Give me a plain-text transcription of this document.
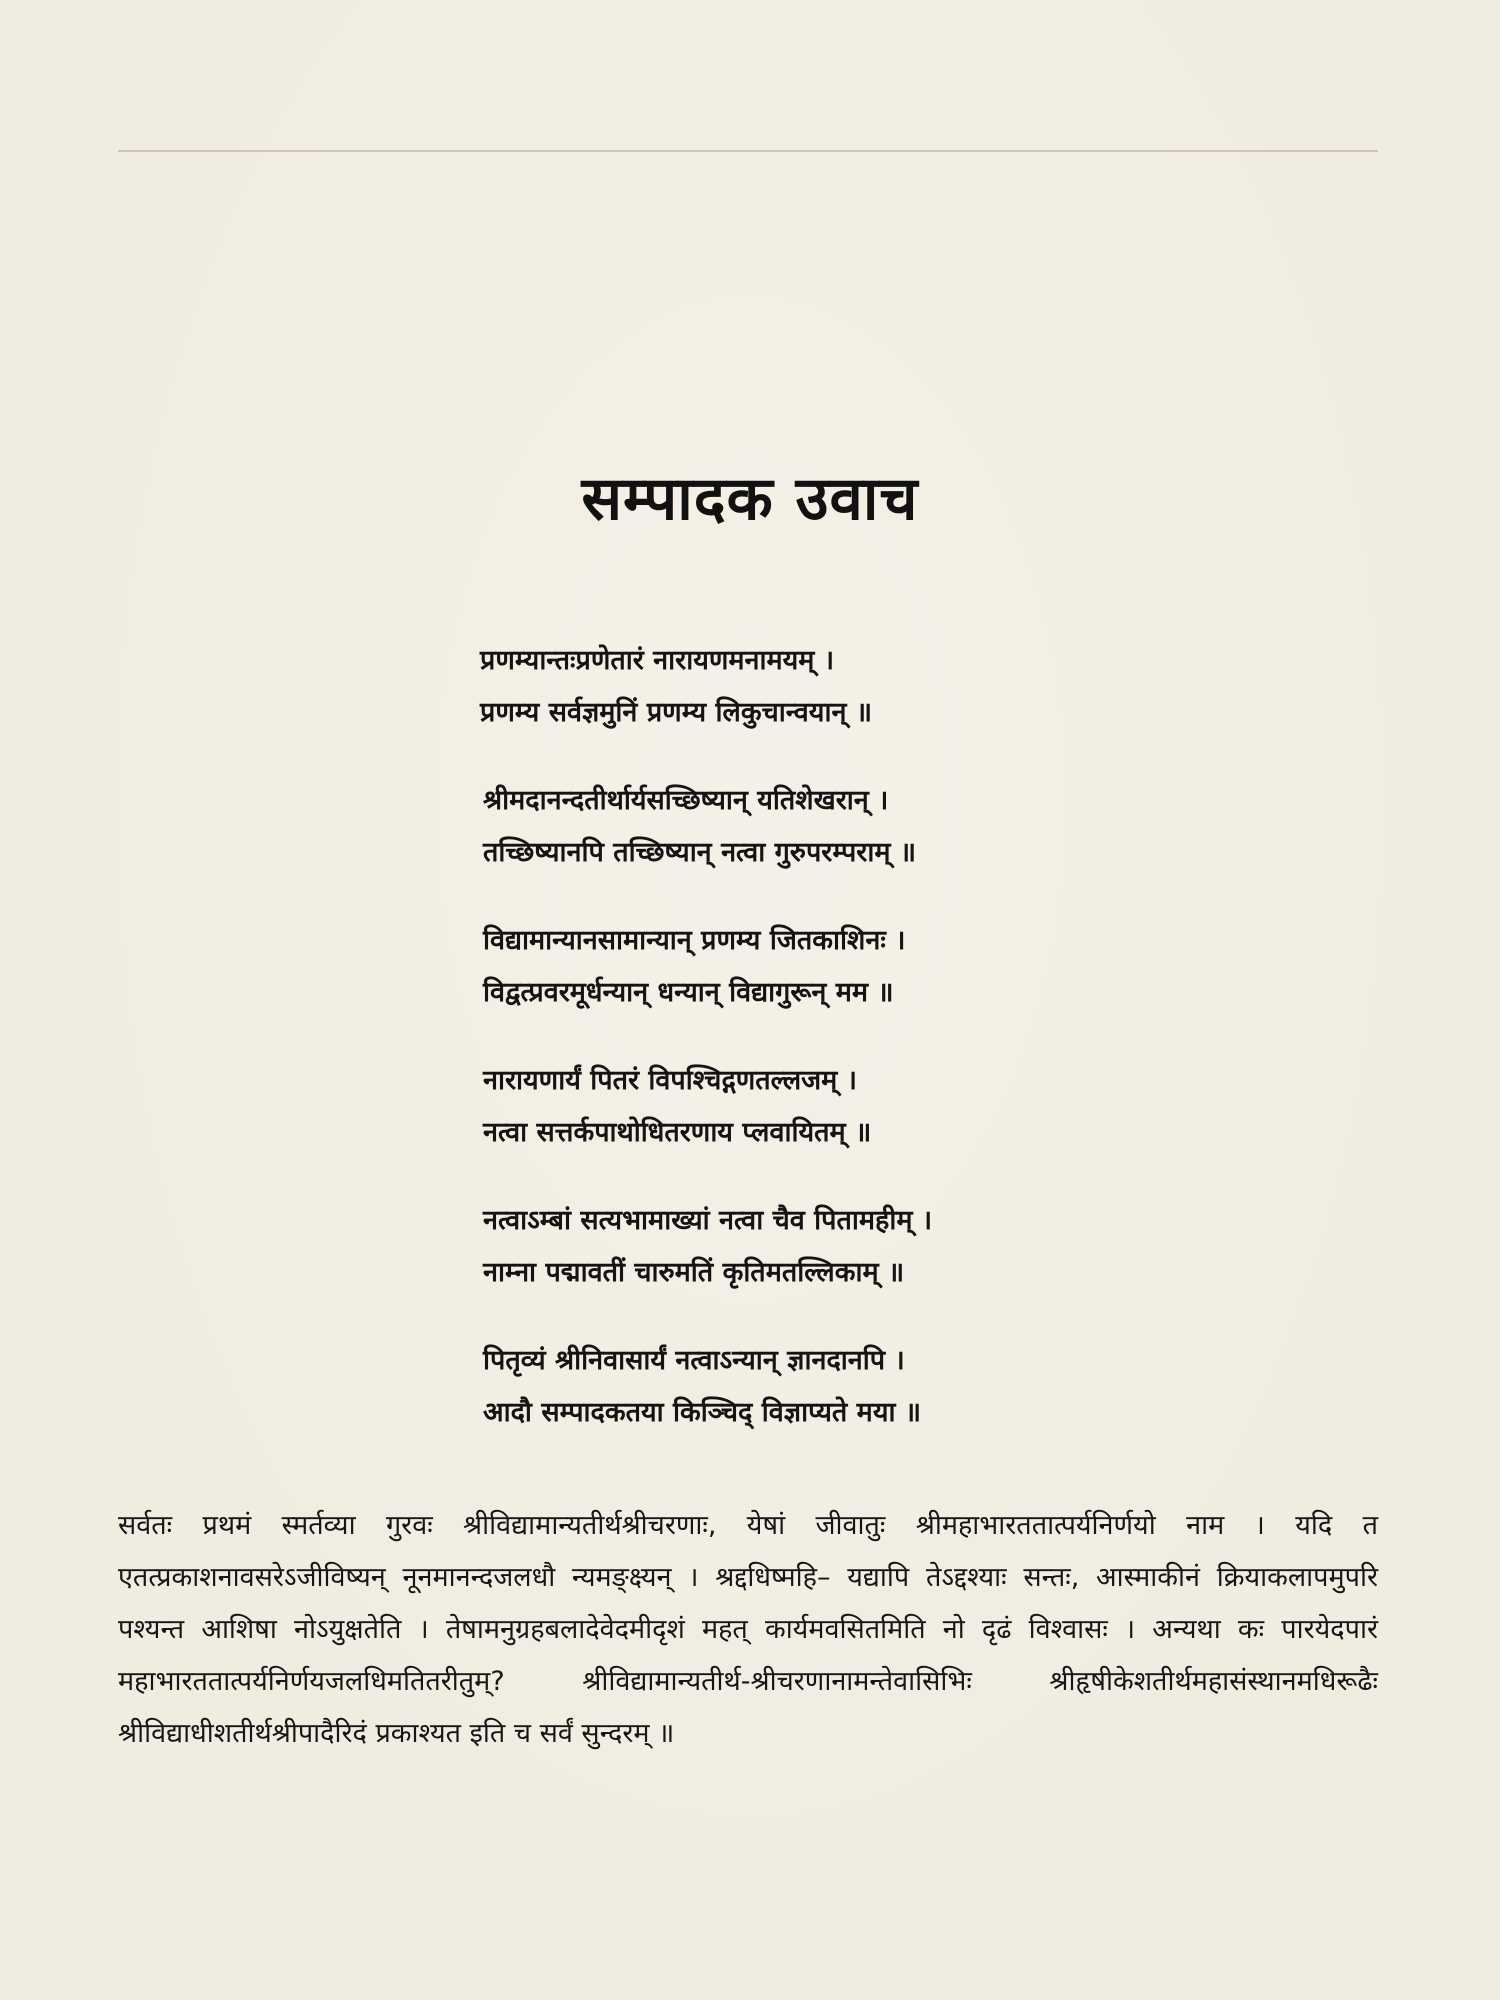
सम्पादक उवाच
प्रणम्यान्तःप्रणेतारं नारायणमनामयम् ।
प्रणम्य सर्वज्ञमुनिं प्रणम्य लिकुचान्वयान् ॥
श्रीमदानन्दतीर्थार्यसच्छिष्यान् यतिशेखरान् ।
तच्छिष्यानपि तच्छिष्यान् नत्वा गुरुपरम्पराम् ॥
विद्यामान्यानसामान्यान् प्रणम्य जितकाशिनः ।
विद्वत्प्रवरमूर्धन्यान् धन्यान् विद्यागुरून् मम ॥
नारायणार्यं पितरं विपश्चिद्गणतल्लजम् ।
नत्वा सत्तर्कपाथोधितरणाय प्लवायितम् ॥
नत्वाऽम्बां सत्यभामाख्यां नत्वा चैव पितामहीम् ।
नाम्ना पद्मावतीं चारुमतिं कृतिमतल्लिकाम् ॥
पितृव्यं श्रीनिवासार्यं नत्वाऽन्यान् ज्ञानदानपि ।
आदौ सम्पादकतया किञ्चिद् विज्ञाप्यते मया ॥
सर्वतः प्रथमं स्मर्तव्या गुरवः श्रीविद्यामान्यतीर्थश्रीचरणाः, येषां जीवातुः श्रीमहाभारततात्पर्यनिर्णयो नाम । यदि त एतत्प्रकाशनावसरेऽजीविष्यन् नूनमानन्दजलधौ न्यमङ्क्ष्यन् । श्रद्दधिष्महि– यद्यापि तेऽद्दश्याः सन्तः, आस्माकीनं क्रियाकलापमुपरि पश्यन्त आशिषा नोऽयुक्षतेति । तेषामनुग्रहबलादेवेदमीदृशं महत् कार्यमवसितमिति नो दृढं विश्वासः । अन्यथा कः पारयेदपारं महाभारततात्पर्यनिर्णयजलधिमतितरीतुम्? श्रीविद्यामान्यतीर्थ-श्रीचरणानामन्तेवासिभिः श्रीहृषीकेशतीर्थमहासंस्थानमधिरूढैः श्रीविद्याधीशतीर्थश्रीपादैरिदं प्रकाश्यत इति च सर्वं सुन्दरम् ॥
